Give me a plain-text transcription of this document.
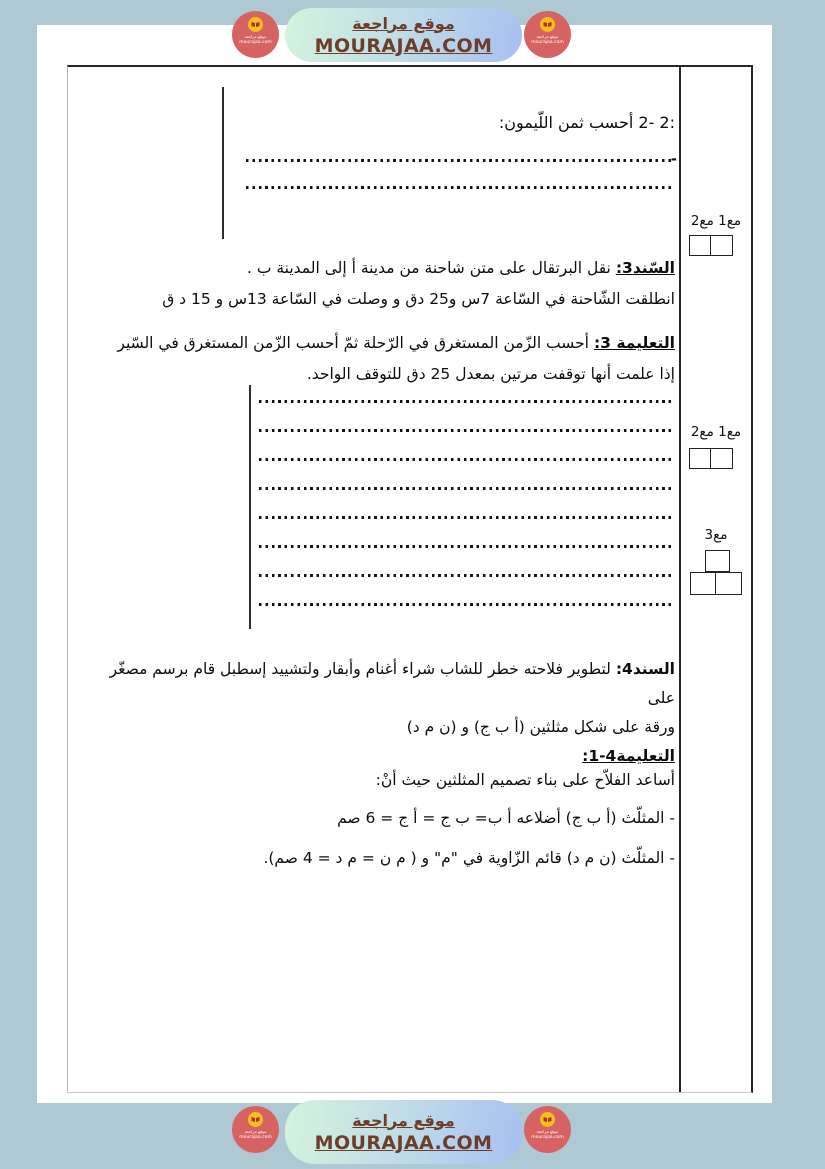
موقع مراجعة
MOURAJAA.COM
موقع مراجعة
mourajaa.com
موقع مراجعة
mourajaa.com
2- 2: أحسب ثمن اللّيمون:
-
السّند3: نقل البرتقال على متن شاحنة من مدينة أ إلى المدينة ب .
انطلقت الشّاحنة في السّاعة 7س و25 دق و وصلت في السّاعة 13س و 15 د ق
التعليمة 3: أحسب الزّمن المستغرق في الرّحلة ثمّ أحسب الزّمن المستغرق في السّير
إذا علمت أنها توقفت مرتين بمعدل 25 دق للتوقف الواحد.
السند4: لتطوير فلاحته خطر للشاب شراء أغنام وأبقار ولتشييد إسطبل قام برسم مصغّر على
ورقة على شكل مثلثين (أ ب ج) و (ن م د)
التعليمة4-1:
أساعد الفلاّح على بناء تصميم المثلثين حيث أنْ:
- المثلّث (أ ب ج) أضلاعه أ ب= ب ج = أ ج = 6 صم
- المثلّث (ن م د) قائم الزّاوية في "م" و ( م ن = م د = 4 صم).
مع1 مع2
مع1 مع2
مع3
موقع مراجعة
MOURAJAA.COM
موقع مراجعة
mourajaa.com
موقع مراجعة
mourajaa.com
